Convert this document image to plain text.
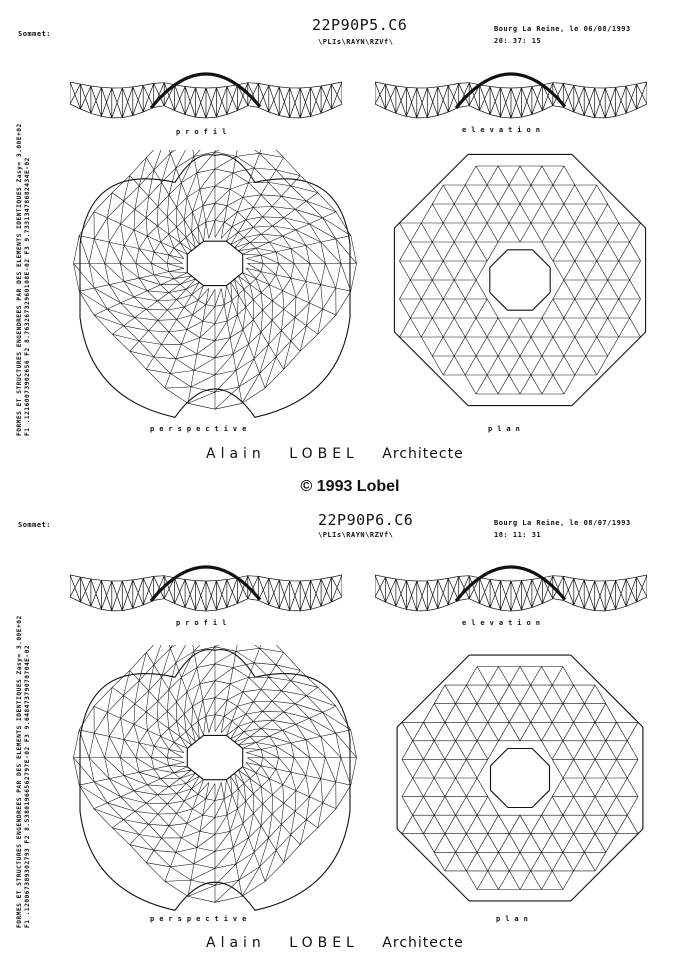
FORMES ET STRUCTURES ENGENDREES PAR DES ELEMENTS IDENTIQUES Zasy= 3.00E+02 F1 .12160073902656 F2 8.76326732960108E-02 F3 9.73313478682434E-02
Sommet:	22P90P5.C6
\PLIs\RAYN\RZVf\
Bourg La Reine, le 06/08/1993
20: 37: 15
profil	elevation
perspective	plan
Alain LOBEL Architecte
© 1993 Lobel
FORMES ET STRUCTURES ENGENDREES PAR DES ELEMENTS IDENTIQUES Zasy= 3.00E+02 F1 .120067389302793 F2 8.53801966562797E-02 F3 9.64847379070704E-02
Sommet:	22P90P6.C6
\PLIs\RAYN\RZVf\
Bourg La Reine, le 08/07/1993
18: 11: 31
profil	elevation
perspective	plan
Alain LOBEL Architecte
